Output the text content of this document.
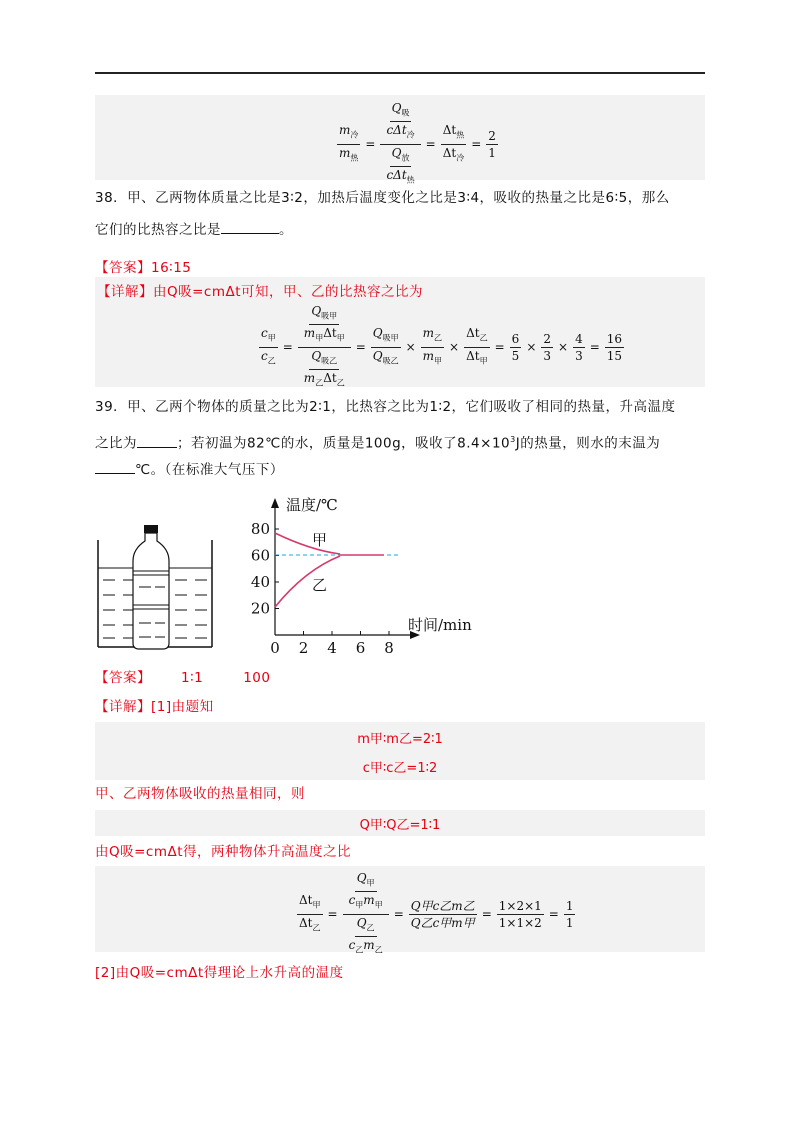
$\frac{m_冷}{m_热} = \frac{\frac{Q_吸}{c\Delta t_冷}}{\frac{Q_放}{c\Delta t_热}} = \frac{\Delta t_热}{\Delta t_冷} = \frac{2}{1}$
38．甲、乙两物体质量之比是3∶2，加热后温度变化之比是3∶4，吸收的热量之比是6∶5，那么
它们的比热容之比是	。
【答案】16∶15
【详解】由Q吸=cmΔt可知，甲、乙的比热容之比为
$\frac{c_甲}{c_乙} = \frac{\frac{Q_{吸甲}}{m_甲\Delta t_甲}}{\frac{Q_{吸乙}}{m_乙\Delta t_乙}} = \frac{Q_{吸甲}}{Q_{吸乙}} \times \frac{m_乙}{m_甲} \times \frac{\Delta t_乙}{\Delta t_甲} = \frac{6}{5} \times \frac{2}{3} \times \frac{4}{3} = \frac{16}{15}$
39．甲、乙两个物体的质量之比为2∶1，比热容之比为1∶2，它们吸收了相同的热量，升高温度
之比为	；若初温为82℃的水，质量是100g，吸收了$8.4\times 10^3J$的热量，则水的末温为
℃。（在标准大气压下）
温度/℃
时间/min
80
60
40
20
0 2 4 6 8
甲
乙
【答案】 1∶1	100
【详解】[1]由题知
m甲∶m乙=2∶1
c甲∶c乙=1∶2
甲、乙两物体吸收的热量相同，则
Q甲∶Q乙=1∶1
由Q吸=cmΔt得，两种物体升高温度之比
$\frac{\Delta t_甲}{\Delta t_乙} = \frac{\frac{Q_甲}{c_甲m_甲}}{\frac{Q_乙}{c_乙m_乙}} = \frac{\text{Q甲c乙m乙}}{\text{Q乙c甲m甲}} = \frac{1\times 2\times 1}{1\times 1\times 2} = \frac{1}{1}$
[2]由Q吸=cmΔt得理论上水升高的温度
